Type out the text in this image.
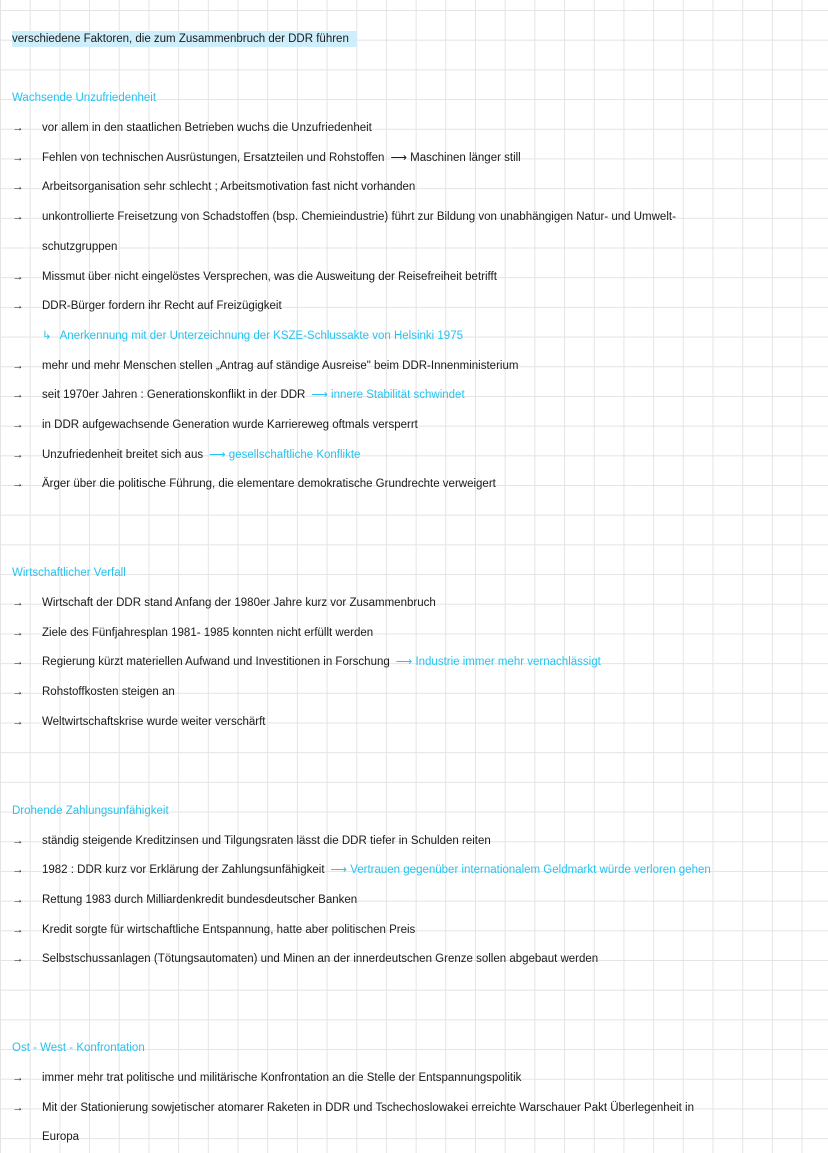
verschiedene Faktoren, die zum Zusammenbruch der DDR führen
Wachsende Unzufriedenheit
→ vor allem in den staatlichen Betrieben wuchs die Unzufriedenheit
→ Fehlen von technischen Ausrüstungen, Ersatzteilen und Rohstoffen ⟶ Maschinen länger still
→ Arbeitsorganisation sehr schlecht ; Arbeitsmotivation fast nicht vorhanden
→ unkontrollierte Freisetzung von Schadstoffen (bsp. Chemieindustrie) führt zur Bildung von unabhängigen Natur- und Umwelt-
schutzgruppen
→ Missmut über nicht eingelöstes Versprechen, was die Ausweitung der Reisefreiheit betrifft
→ DDR-Bürger fordern ihr Recht auf Freizügigkeit
↳ Anerkennung mit der Unterzeichnung der KSZE-Schlussakte von Helsinki 1975
→ mehr und mehr Menschen stellen „Antrag auf ständige Ausreise" beim DDR-Innenministerium
→ seit 1970er Jahren : Generationskonflikt in der DDR ⟶ innere Stabilität schwindet
→ in DDR aufgewachsende Generation wurde Karriereweg oftmals versperrt
→ Unzufriedenheit breitet sich aus ⟶ gesellschaftliche Konflikte
→ Ärger über die politische Führung, die elementare demokratische Grundrechte verweigert
Wirtschaftlicher Verfall
→ Wirtschaft der DDR stand Anfang der 1980er Jahre kurz vor Zusammenbruch
→ Ziele des Fünfjahresplan 1981- 1985 konnten nicht erfüllt werden
→ Regierung kürzt materiellen Aufwand und Investitionen in Forschung ⟶ Industrie immer mehr vernachlässigt
→ Rohstoffkosten steigen an
→ Weltwirtschaftskrise wurde weiter verschärft
Drohende Zahlungsunfähigkeit
→ ständig steigende Kreditzinsen und Tilgungsraten lässt die DDR tiefer in Schulden reiten
→ 1982 : DDR kurz vor Erklärung der Zahlungsunfähigkeit ⟶ Vertrauen gegenüber internationalem Geldmarkt würde verloren gehen
→ Rettung 1983 durch Milliardenkredit bundesdeutscher Banken
→ Kredit sorgte für wirtschaftliche Entspannung, hatte aber politischen Preis
→ Selbstschussanlagen (Tötungsautomaten) und Minen an der innerdeutschen Grenze sollen abgebaut werden
Ost - West - Konfrontation
→ immer mehr trat politische und militärische Konfrontation an die Stelle der Entspannungspolitik
→ Mit der Stationierung sowjetischer atomarer Raketen in DDR und Tschechoslowakei erreichte Warschauer Pakt Überlegenheit in
Europa
